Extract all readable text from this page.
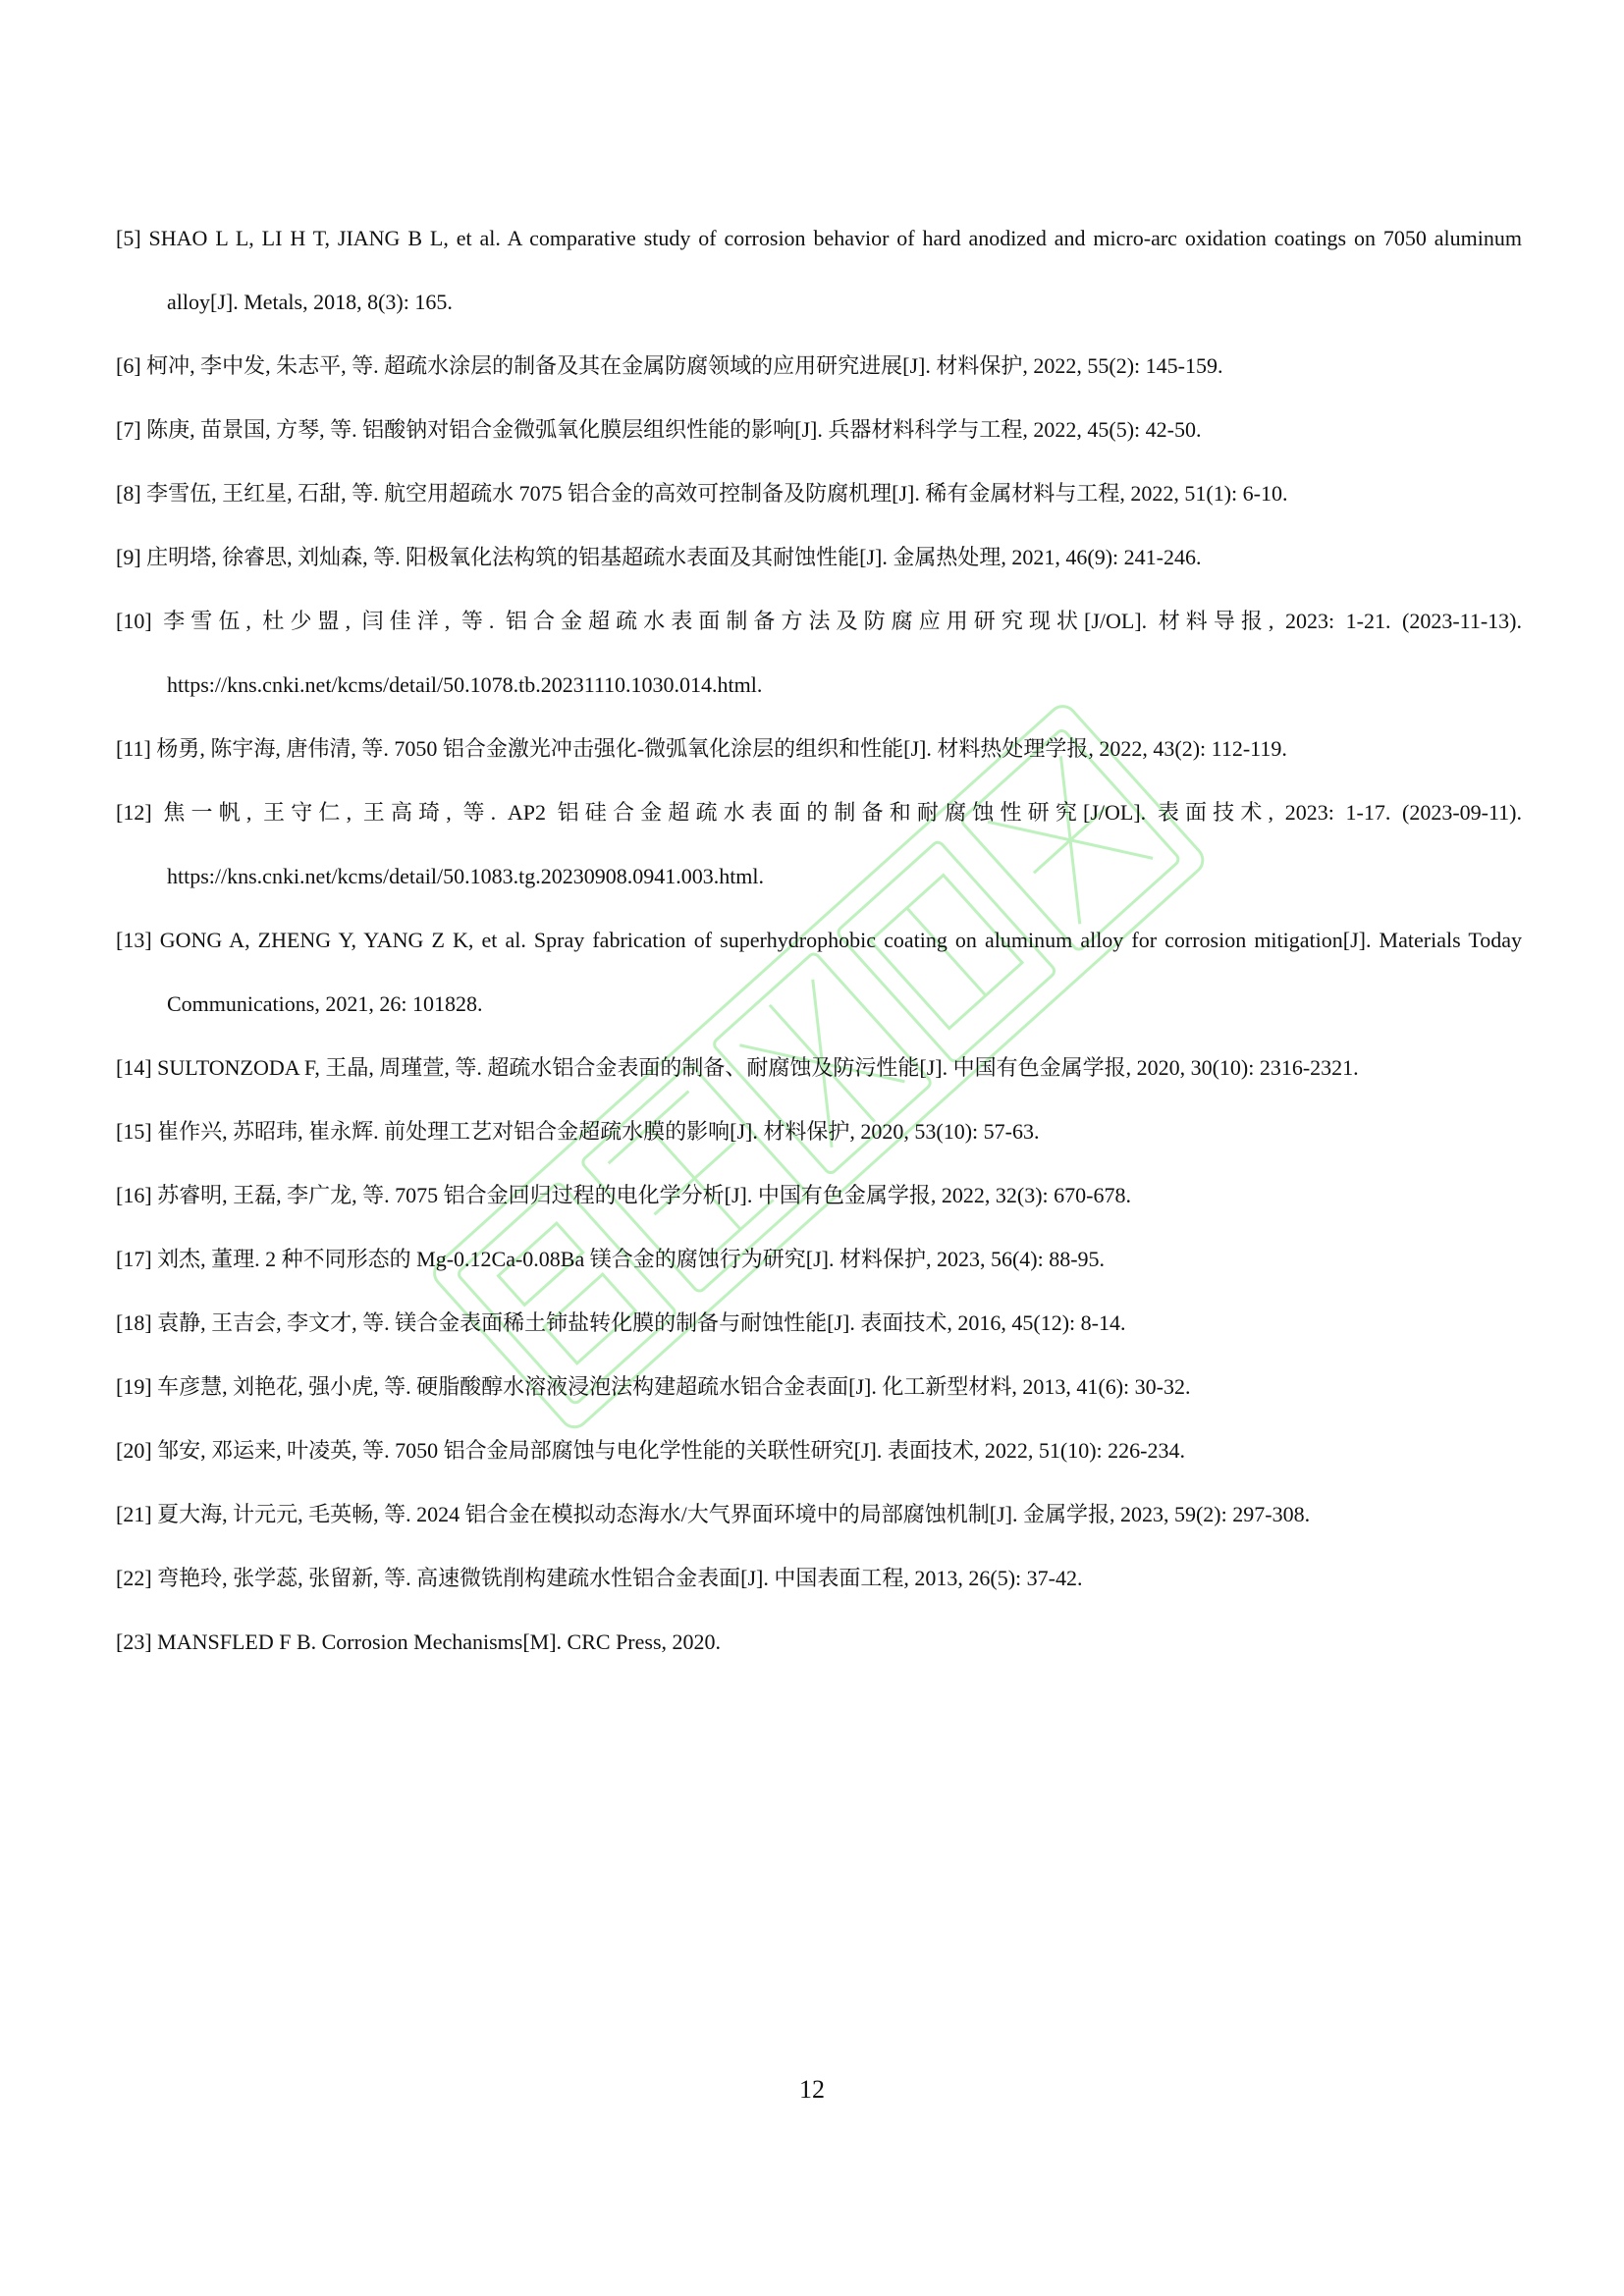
[5] SHAO L L, LI H T, JIANG B L, et al. A comparative study of corrosion behavior of hard anodized and micro-arc oxidation coatings on 7050 aluminum alloy[J]. Metals, 2018, 8(3): 165.

[6] 柯冲, 李中发, 朱志平, 等. 超疏水涂层的制备及其在金属防腐领域的应用研究进展[J]. 材料保护, 2022, 55(2): 145-159.

[7] 陈庚, 苗景国, 方琴, 等. 铝酸钠对铝合金微弧氧化膜层组织性能的影响[J]. 兵器材料科学与工程, 2022, 45(5): 42-50.

[8] 李雪伍, 王红星, 石甜, 等. 航空用超疏水 7075 铝合金的高效可控制备及防腐机理[J]. 稀有金属材料与工程, 2022, 51(1): 6-10.

[9] 庄明塔, 徐睿思, 刘灿森, 等. 阳极氧化法构筑的铝基超疏水表面及其耐蚀性能[J]. 金属热处理, 2021, 46(9): 241-246.

[10] 李雪伍, 杜少盟, 闫佳洋, 等. 铝合金超疏水表面制备方法及防腐应用研究现状[J/OL]. 材料导报, 2023: 1-21. (2023-11-13). https://kns.cnki.net/kcms/detail/50.1078.tb.20231110.1030.014.html.

[11] 杨勇, 陈宇海, 唐伟清, 等. 7050 铝合金激光冲击强化-微弧氧化涂层的组织和性能[J]. 材料热处理学报, 2022, 43(2): 112-119.

[12] 焦一帆, 王守仁, 王高琦, 等. AP2 铝硅合金超疏水表面的制备和耐腐蚀性研究[J/OL]. 表面技术, 2023: 1-17. (2023-09-11). https://kns.cnki.net/kcms/detail/50.1083.tg.20230908.0941.003.html.

[13] GONG A, ZHENG Y, YANG Z K, et al. Spray fabrication of superhydrophobic coating on aluminum alloy for corrosion mitigation[J]. Materials Today Communications, 2021, 26: 101828.

[14] SULTONZODA F, 王晶, 周瑾萱, 等. 超疏水铝合金表面的制备、耐腐蚀及防污性能[J]. 中国有色金属学报, 2020, 30(10): 2316-2321.

[15] 崔作兴, 苏昭玮, 崔永辉. 前处理工艺对铝合金超疏水膜的影响[J]. 材料保护, 2020, 53(10): 57-63.

[16] 苏睿明, 王磊, 李广龙, 等. 7075 铝合金回归过程的电化学分析[J]. 中国有色金属学报, 2022, 32(3): 670-678.

[17] 刘杰, 董理. 2 种不同形态的 Mg-0.12Ca-0.08Ba 镁合金的腐蚀行为研究[J]. 材料保护, 2023, 56(4): 88-95.

[18] 袁静, 王吉会, 李文才, 等. 镁合金表面稀土铈盐转化膜的制备与耐蚀性能[J]. 表面技术, 2016, 45(12): 8-14.

[19] 车彦慧, 刘艳花, 强小虎, 等. 硬脂酸醇水溶液浸泡法构建超疏水铝合金表面[J]. 化工新型材料, 2013, 41(6): 30-32.

[20] 邹安, 邓运来, 叶凌英, 等. 7050 铝合金局部腐蚀与电化学性能的关联性研究[J]. 表面技术, 2022, 51(10): 226-234.

[21] 夏大海, 计元元, 毛英畅, 等. 2024 铝合金在模拟动态海水/大气界面环境中的局部腐蚀机制[J]. 金属学报, 2023, 59(2): 297-308.

[22] 弯艳玲, 张学蕊, 张留新, 等. 高速微铣削构建疏水性铝合金表面[J]. 中国表面工程, 2013, 26(5): 37-42.

[23] MANSFLED F B. Corrosion Mechanisms[M]. CRC Press, 2020.

12
